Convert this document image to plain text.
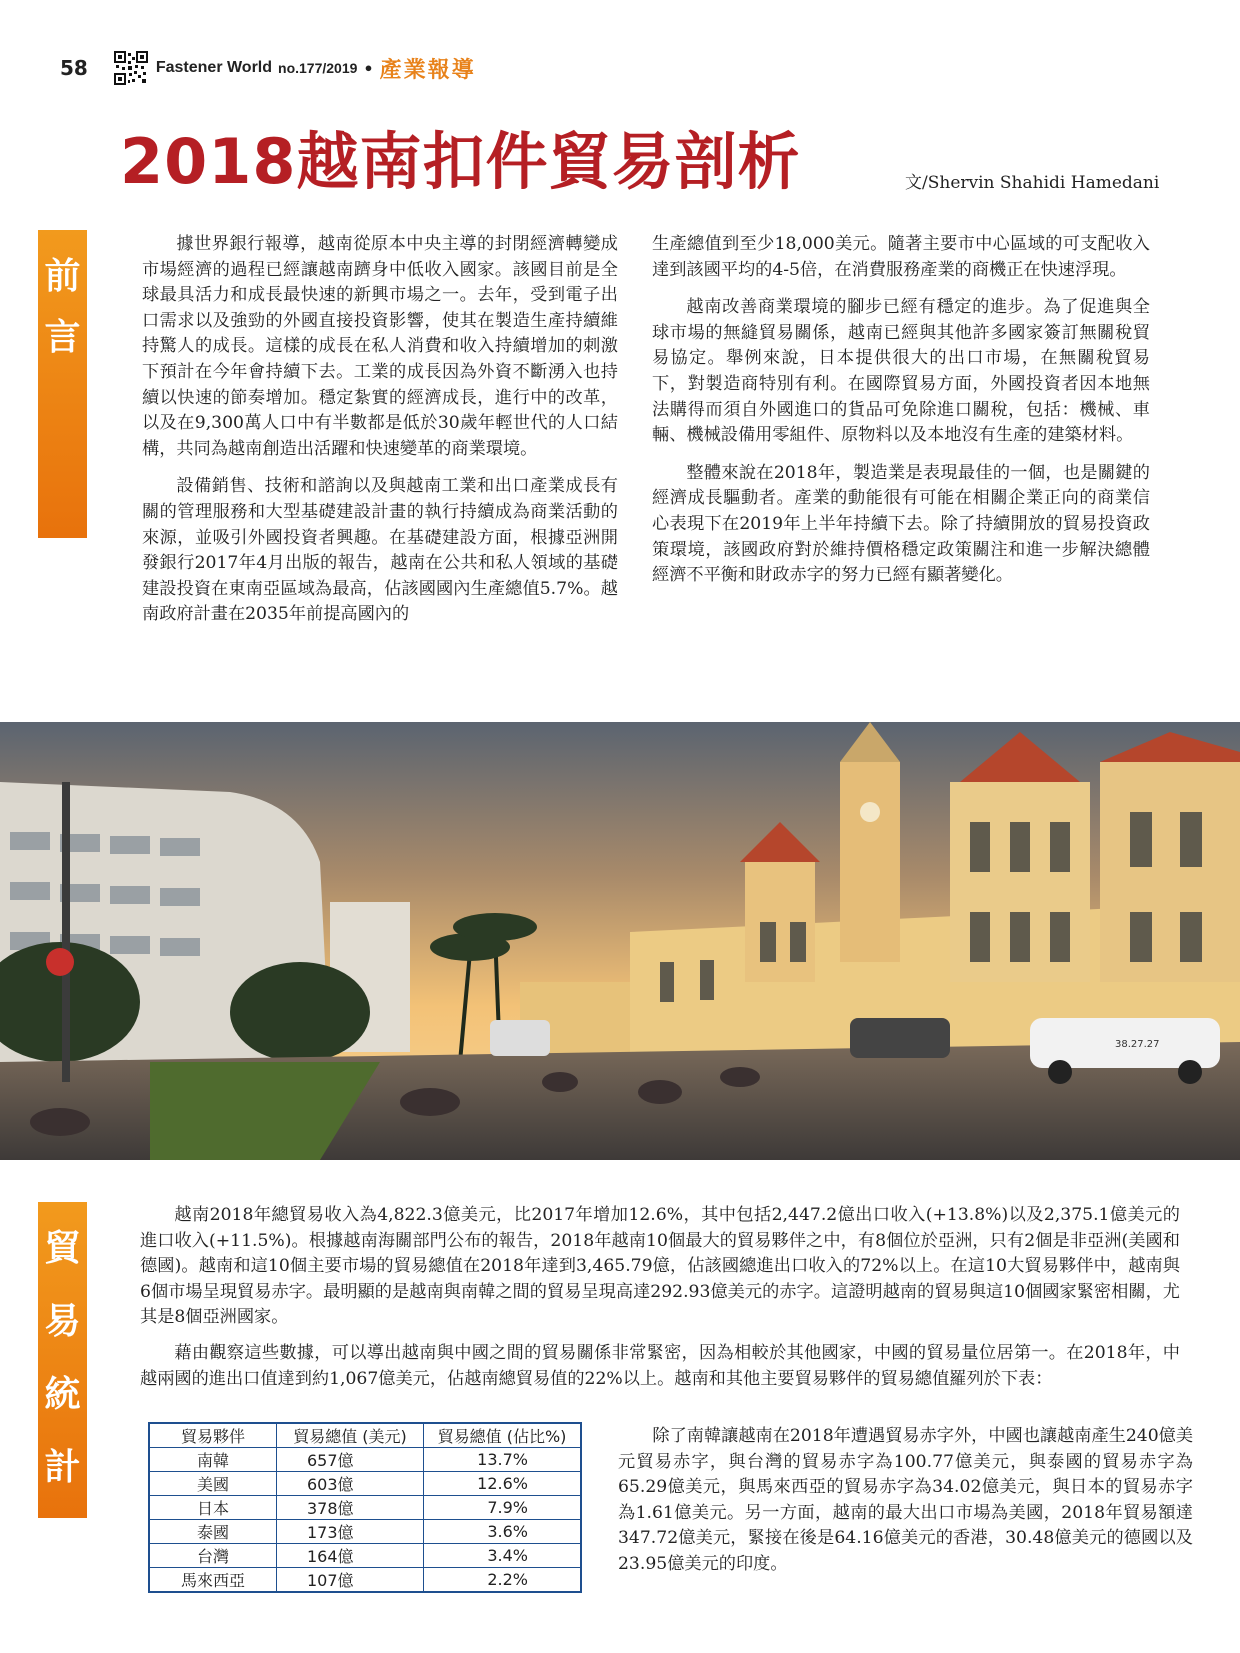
58	Fastener World no.177/2019 • 產業報導
2018越南扣件貿易剖析	文/Shervin Shahidi Hamedani
前
言

據世界銀行報導，越南從原本中央主導的封閉經濟轉變成市場經濟的過程已經讓越南躋身中低收入國家。該國目前是全球最具活力和成長最快速的新興市場之一。去年，受到電子出口需求以及強勁的外國直接投資影響，使其在製造生產持續維持驚人的成長。這樣的成長在私人消費和收入持續增加的刺激下預計在今年會持續下去。工業的成長因為外資不斷湧入也持續以快速的節奏增加。穩定紮實的經濟成長，進行中的改革，以及在9,300萬人口中有半數都是低於30歲年輕世代的人口結構，共同為越南創造出活躍和快速變革的商業環境。

設備銷售、技術和諮詢以及與越南工業和出口產業成長有關的管理服務和大型基礎建設計畫的執行持續成為商業活動的來源，並吸引外國投資者興趣。在基礎建設方面，根據亞洲開發銀行2017年4月出版的報告，越南在公共和私人領域的基礎建設投資在東南亞區域為最高，佔該國國內生產總值5.7%。越南政府計畫在2035年前提高國內的

生產總值到至少18,000美元。隨著主要市中心區域的可支配收入達到該國平均的4-5倍，在消費服務產業的商機正在快速浮現。

越南改善商業環境的腳步已經有穩定的進步。為了促進與全球市場的無縫貿易關係，越南已經與其他許多國家簽訂無關稅貿易協定。舉例來說，日本提供很大的出口市場，在無關稅貿易下，對製造商特別有利。在國際貿易方面，外國投資者因本地無法購得而須自外國進口的貨品可免除進口關稅，包括：機械、車輛、機械設備用零組件、原物料以及本地沒有生產的建築材料。

整體來說在2018年，製造業是表現最佳的一個，也是關鍵的經濟成長驅動者。產業的動能很有可能在相關企業正向的商業信心表現下在2019年上半年持續下去。除了持續開放的貿易投資政策環境，該國政府對於維持價格穩定政策關注和進一步解決總體經濟不平衡和財政赤字的努力已經有顯著變化。

38.27.27
貿
易
統
計

越南2018年總貿易收入為4,822.3億美元，比2017年增加12.6%，其中包括2,447.2億出口收入(+13.8%)以及2,375.1億美元的進口收入(+11.5%)。根據越南海關部門公布的報告，2018年越南10個最大的貿易夥伴之中，有8個位於亞洲，只有2個是非亞洲(美國和德國)。越南和這10個主要市場的貿易總值在2018年達到3,465.79億，佔該國總進出口收入的72%以上。在這10大貿易夥伴中，越南與6個市場呈現貿易赤字。最明顯的是越南與南韓之間的貿易呈現高達292.93億美元的赤字。這證明越南的貿易與這10個國家緊密相關，尤其是8個亞洲國家。

藉由觀察這些數據，可以導出越南與中國之間的貿易關係非常緊密，因為相較於其他國家，中國的貿易量位居第一。在2018年，中越兩國的進出口值達到約1,067億美元，佔越南總貿易值的22%以上。越南和其他主要貿易夥伴的貿易總值羅列於下表：

貿易夥伴	貿易總值 (美元)	貿易總值 (佔比%)
南韓	657億	13.7%
美國	603億	12.6%
日本	378億	7.9%
泰國	173億	3.6%
台灣	164億	3.4%
馬來西亞	107億	2.2%

除了南韓讓越南在2018年遭遇貿易赤字外，中國也讓越南產生240億美元貿易赤字，與台灣的貿易赤字為100.77億美元，與泰國的貿易赤字為65.29億美元，與馬來西亞的貿易赤字為34.02億美元，與日本的貿易赤字為1.61億美元。另一方面，越南的最大出口市場為美國，2018年貿易額達347.72億美元，緊接在後是64.16億美元的香港，30.48億美元的德國以及23.95億美元的印度。
